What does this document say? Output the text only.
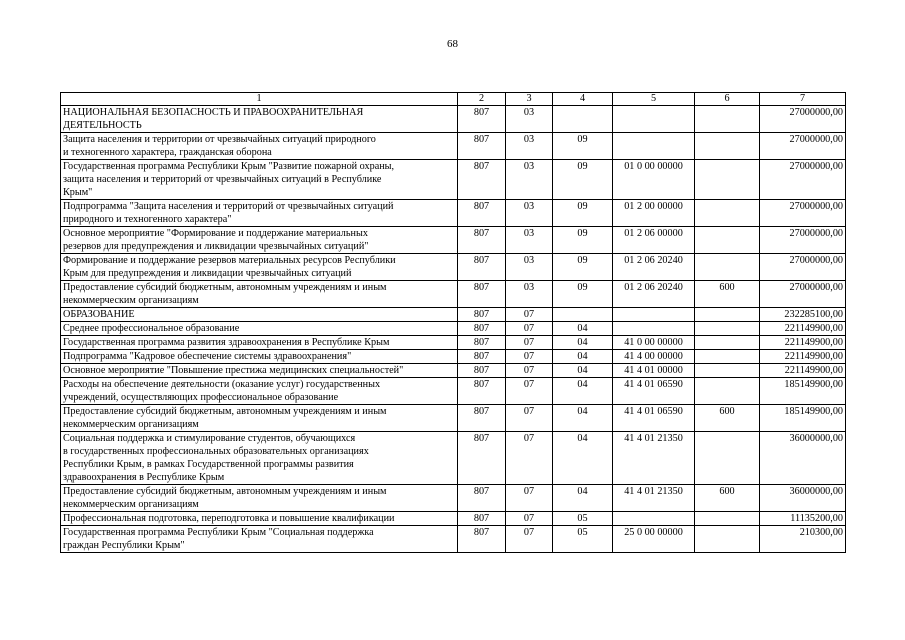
68
1	2	3	4	5	6	7
НАЦИОНАЛЬНАЯ БЕЗОПАСНОСТЬ И ПРАВООХРАНИТЕЛЬНАЯ
ДЕЯТЕЛЬНОСТЬ	807	03				27000000,00
Защита населения и территории от чрезвычайных ситуаций природного
и техногенного характера, гражданская оборона	807	03	09			27000000,00
Государственная программа Республики Крым "Развитие пожарной охраны,
защита населения и территорий от чрезвычайных ситуаций в Республике
Крым"	807	03	09	01 0 00 00000		27000000,00
Подпрограмма "Защита населения и территорий от чрезвычайных ситуаций
природного и техногенного характера"	807	03	09	01 2 00 00000		27000000,00
Основное мероприятие "Формирование и поддержание материальных
резервов для предупреждения и ликвидации чрезвычайных ситуаций"	807	03	09	01 2 06 00000		27000000,00
Формирование и поддержание резервов материальных ресурсов Республики
Крым для предупреждения и ликвидации чрезвычайных ситуаций	807	03	09	01 2 06 20240		27000000,00
Предоставление субсидий бюджетным, автономным учреждениям и иным
некоммерческим организациям	807	03	09	01 2 06 20240	600	27000000,00
ОБРАЗОВАНИЕ	807	07				232285100,00
Среднее профессиональное образование	807	07	04			221149900,00
Государственная программа развития здравоохранения в Республике Крым	807	07	04	41 0 00 00000		221149900,00
Подпрограмма "Кадровое обеспечение системы здравоохранения"	807	07	04	41 4 00 00000		221149900,00
Основное мероприятие "Повышение престижа медицинских специальностей"	807	07	04	41 4 01 00000		221149900,00
Расходы на обеспечение деятельности (оказание услуг) государственных
учреждений, осуществляющих профессиональное образование	807	07	04	41 4 01 06590		185149900,00
Предоставление субсидий бюджетным, автономным учреждениям и иным
некоммерческим организациям	807	07	04	41 4 01 06590	600	185149900,00
Социальная поддержка и стимулирование студентов, обучающихся
в государственных профессиональных образовательных организациях
Республики Крым, в рамках Государственной программы развития
здравоохранения в Республике Крым	807	07	04	41 4 01 21350		36000000,00
Предоставление субсидий бюджетным, автономным учреждениям и иным
некоммерческим организациям	807	07	04	41 4 01 21350	600	36000000,00
Профессиональная подготовка, переподготовка и повышение квалификации	807	07	05			11135200,00
Государственная программа Республики Крым "Социальная поддержка
граждан Республики Крым"	807	07	05	25 0 00 00000		210300,00
